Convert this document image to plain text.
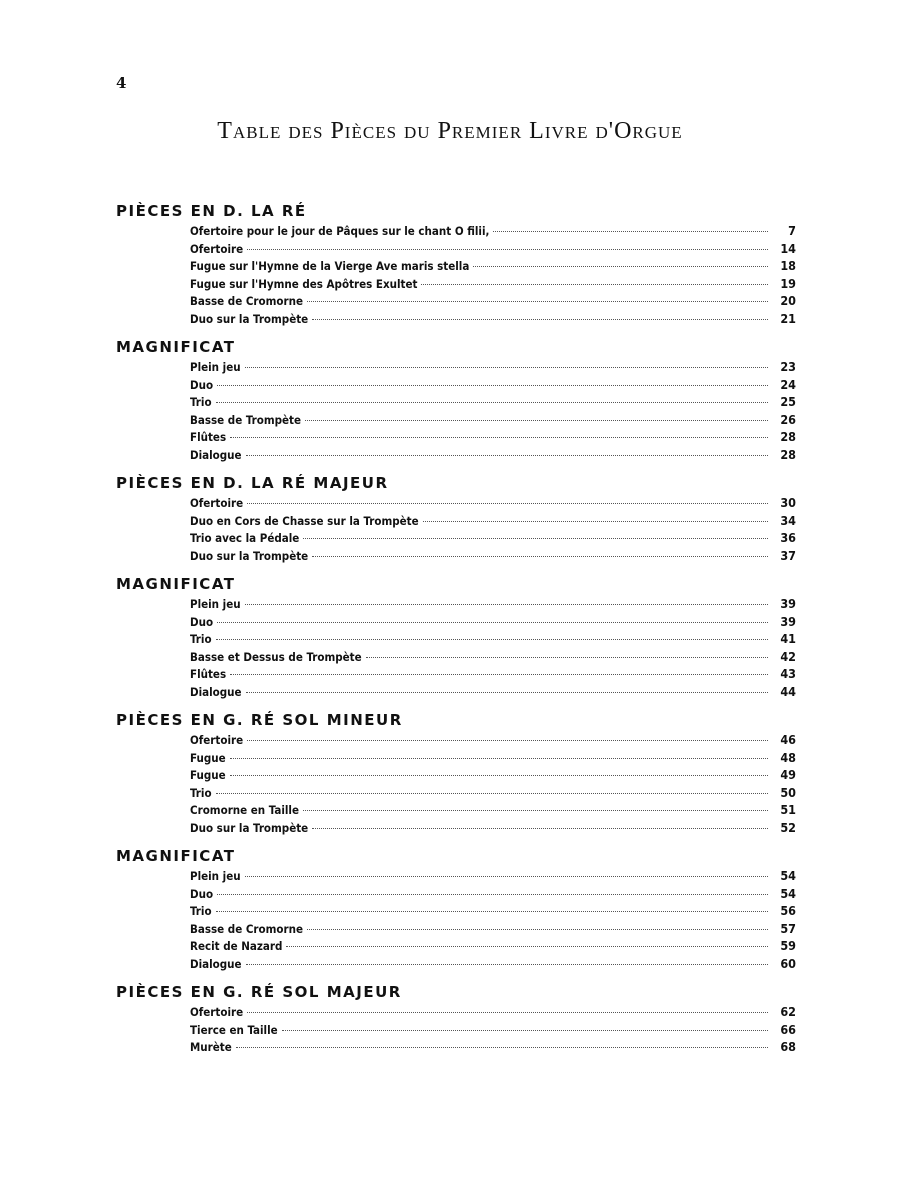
4
Table des Pièces du Premier Livre d'Orgue
PIÈCES EN D. LA RÉ
Ofertoire pour le jour de Pâques sur le chant O filii,	7
Ofertoire	14
Fugue sur l'Hymne de la Vierge Ave maris stella	18
Fugue sur l'Hymne des Apôtres Exultet	19
Basse de Cromorne	20
Duo sur la Trompète	21
MAGNIFICAT
Plein jeu	23
Duo	24
Trio	25
Basse de Trompète	26
Flûtes	28
Dialogue	28
PIÈCES EN D. LA RÉ MAJEUR
Ofertoire	30
Duo en Cors de Chasse sur la Trompète	34
Trio avec la Pédale	36
Duo sur la Trompète	37
MAGNIFICAT
Plein jeu	39
Duo	39
Trio	41
Basse et Dessus de Trompète	42
Flûtes	43
Dialogue	44
PIÈCES EN G. RÉ SOL MINEUR
Ofertoire	46
Fugue	48
Fugue	49
Trio	50
Cromorne en Taille	51
Duo sur la Trompète	52
MAGNIFICAT
Plein jeu	54
Duo	54
Trio	56
Basse de Cromorne	57
Recit de Nazard	59
Dialogue	60
PIÈCES EN G. RÉ SOL MAJEUR
Ofertoire	62
Tierce en Taille	66
Murète	68
